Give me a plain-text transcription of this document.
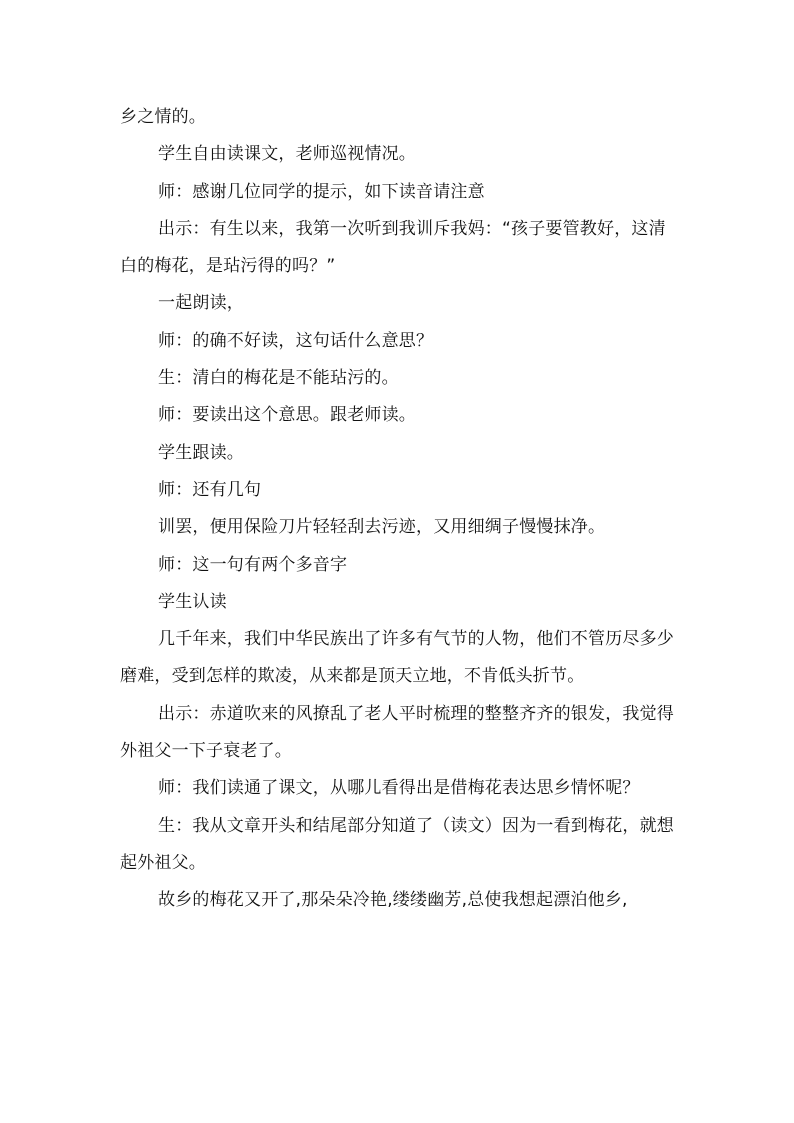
乡之情的。

学生自由读课文，老师巡视情况。

师：感谢几位同学的提示，如下读音请注意

出示：有生以来，我第一次听到我训斥我妈：“孩子要管教好，这清白的梅花，是玷污得的吗？”

一起朗读，

师：的确不好读，这句话什么意思？

生：清白的梅花是不能玷污的。

师：要读出这个意思。跟老师读。

学生跟读。

师：还有几句

训罢，便用保险刀片轻轻刮去污迹，又用细绸子慢慢抹净。

师：这一句有两个多音字

学生认读

几千年来，我们中华民族出了许多有气节的人物，他们不管历尽多少磨难，受到怎样的欺凌，从来都是顶天立地，不肯低头折节。

出示：赤道吹来的风撩乱了老人平时梳理的整整齐齐的银发，我觉得外祖父一下子衰老了。

师：我们读通了课文，从哪儿看得出是借梅花表达思乡情怀呢？

生：我从文章开头和结尾部分知道了（读文）因为一看到梅花，就想起外祖父。

故乡的梅花又开了,那朵朵冷艳,缕缕幽芳,总使我想起漂泊他乡,
